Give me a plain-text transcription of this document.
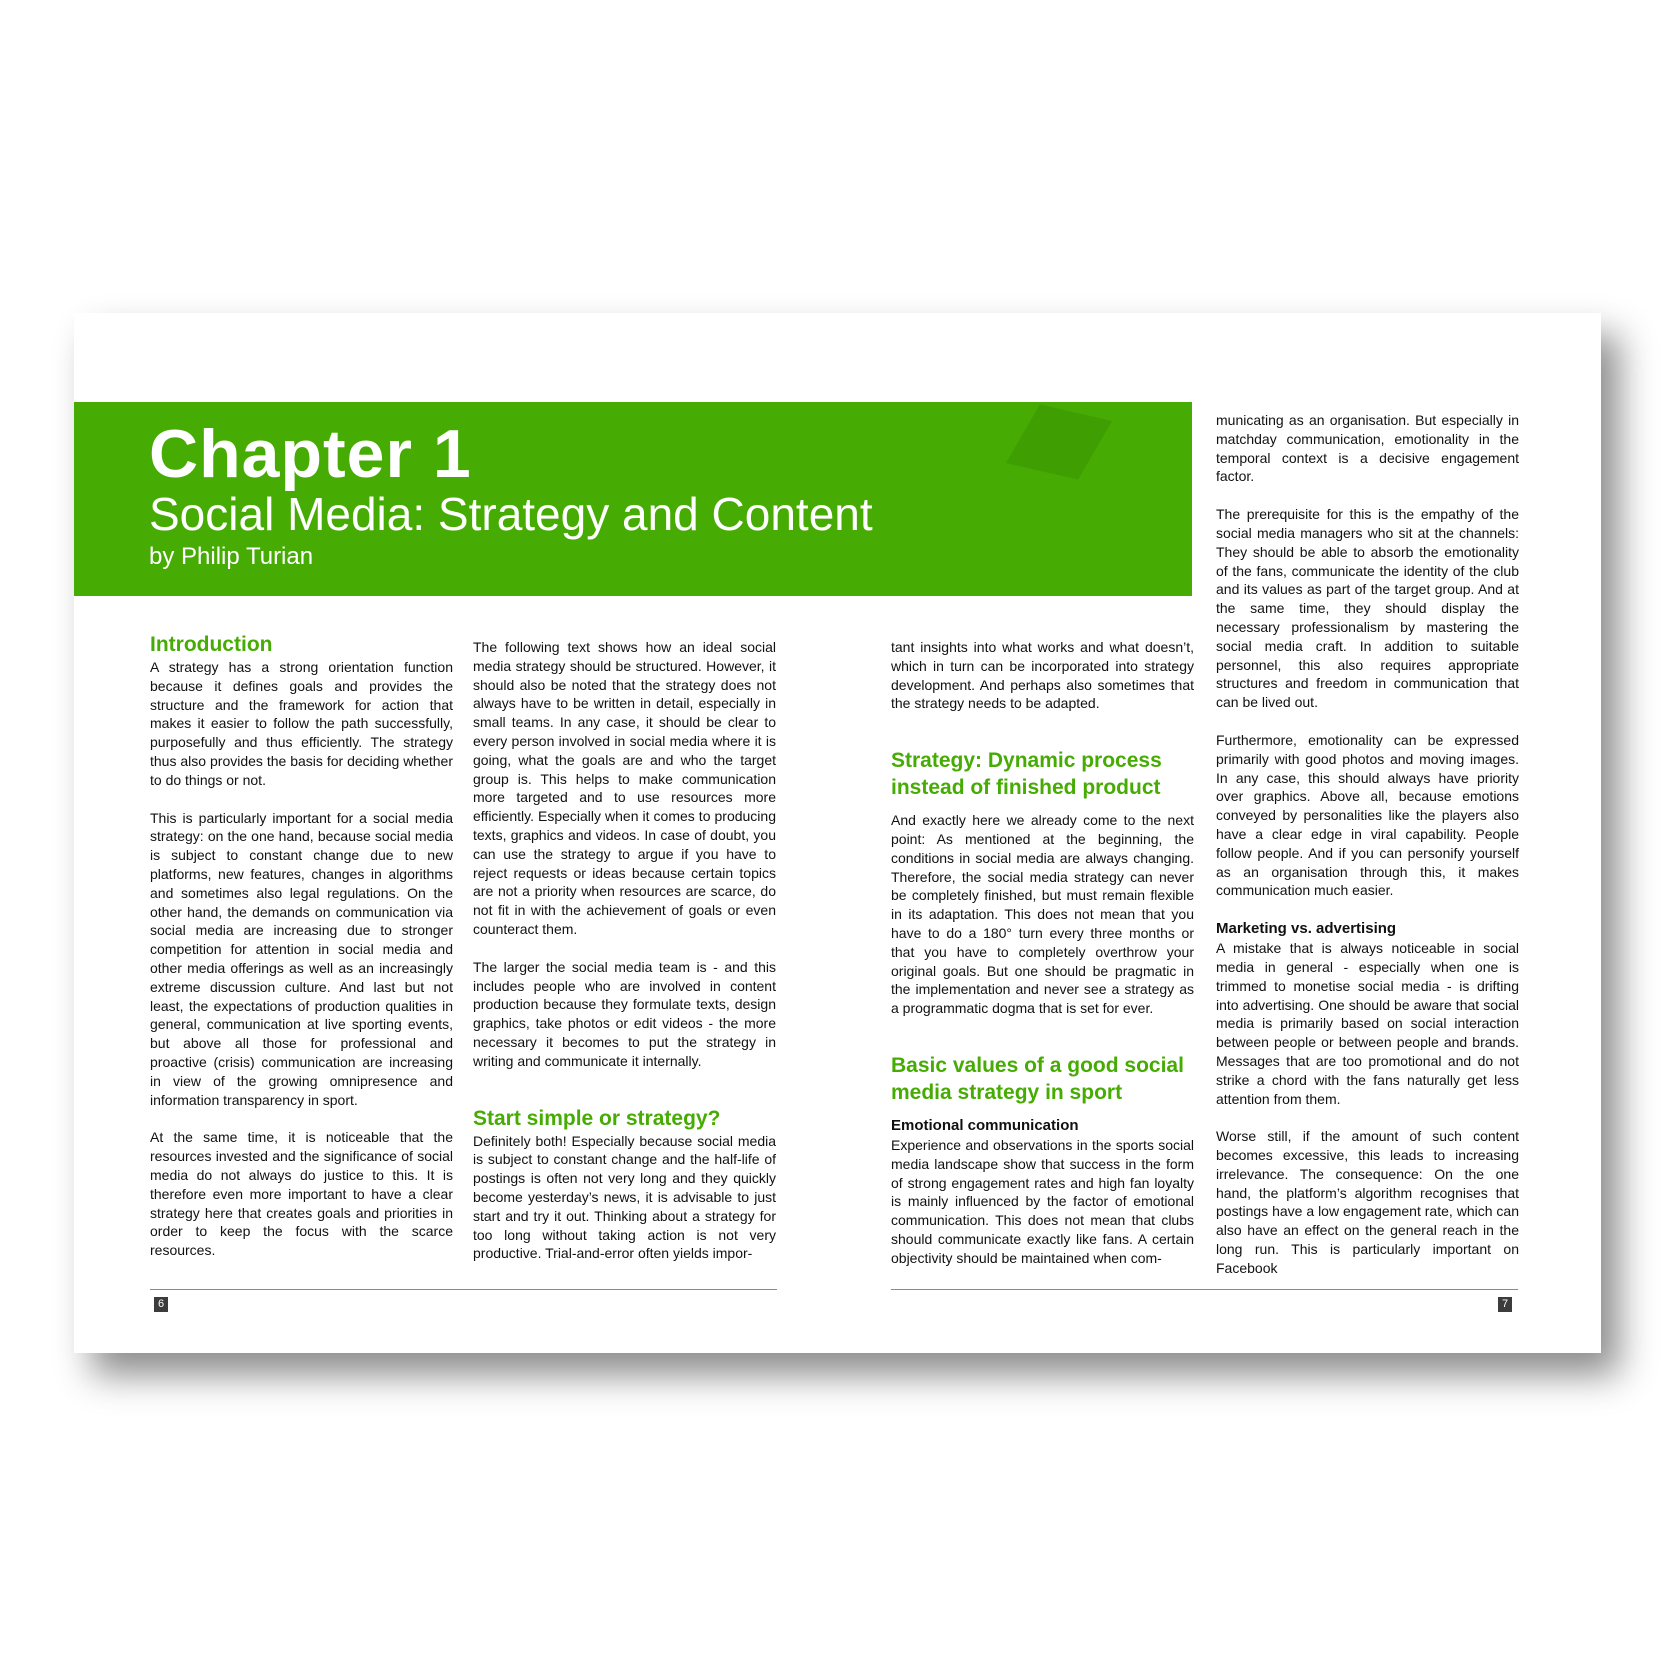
Chapter 1
Social Media: Strategy and Content
by Philip Turian
Introduction

A strategy has a strong orientation function because it defines goals and provides the structure and the framework for action that makes it easier to follow the path successfully, purposefully and thus efficiently. The strategy thus also provides the basis for deciding whether to do things or not.

This is particularly important for a social media strategy: on the one hand, because social media is subject to constant change due to new platforms, new features, changes in algorithms and sometimes also legal regulations. On the other hand, the demands on communication via social media are increasing due to stronger competition for attention in social media and other media offerings as well as an increasingly extreme discussion culture. And last but not least, the expectations of production qualities in general, communication at live sporting events, but above all those for professional and proactive (crisis) communication are increasing in view of the growing omnipresence and information transparency in sport.

At the same time, it is noticeable that the resources invested and the significance of social media do not always do justice to this. It is therefore even more important to have a clear strategy here that creates goals and priorities in order to keep the focus with the scarce resources.

The following text shows how an ideal social media strategy should be structured. However, it should also be noted that the strategy does not always have to be written in detail, especially in small teams. In any case, it should be clear to every person involved in social media where it is going, what the goals are and who the target group is. This helps to make communication more targeted and to use resources more efficiently. Especially when it comes to producing texts, graphics and videos. In case of doubt, you can use the strategy to argue if you have to reject requests or ideas because certain topics are not a priority when resources are scarce, do not fit in with the achievement of goals or even counteract them.

The larger the social media team is - and this includes people who are involved in content production because they formulate texts, design graphics, take photos or edit videos - the more necessary it becomes to put the strategy in writing and communicate it internally.

Start simple or strategy?

Definitely both! Especially because social media is subject to constant change and the half-life of postings is often not very long and they quickly become yesterday’s news, it is advisable to just start and try it out. Thinking about a strategy for too long without taking action is not very productive. Trial-and-error often yields impor-

tant insights into what works and what doesn’t, which in turn can be incorporated into strategy development. And perhaps also sometimes that the strategy needs to be adapted.

Strategy: Dynamic process instead of finished product

And exactly here we already come to the next point: As mentioned at the beginning, the conditions in social media are always changing. Therefore, the social media strategy can never be completely finished, but must remain flexible in its adaptation. This does not mean that you have to do a 180° turn every three months or that you have to completely overthrow your original goals. But one should be pragmatic in the implementation and never see a strategy as a programmatic dogma that is set for ever.

Basic values of a good social media strategy in sport
Emotional communication

Experience and observations in the sports social media landscape show that success in the form of strong engagement rates and high fan loyalty is mainly influenced by the factor of emotional communication. This does not mean that clubs should communicate exactly like fans. A certain objectivity should be maintained when com-

municating as an organisation. But especially in matchday communication, emotionality in the temporal context is a decisive engagement factor.

The prerequisite for this is the empathy of the social media managers who sit at the channels: They should be able to absorb the emotionality of the fans, communicate the identity of the club and its values as part of the target group. And at the same time, they should display the necessary professionalism by mastering the social media craft. In addition to suitable personnel, this also requires appropriate structures and freedom in communication that can be lived out.

Furthermore, emotionality can be expressed primarily with good photos and moving images. In any case, this should always have priority over graphics. Above all, because emotions conveyed by personalities like the players also have a clear edge in viral capability. People follow people. And if you can personify yourself as an organisation through this, it makes communication much easier.

Marketing vs. advertising

A mistake that is always noticeable in social media in general - especially when one is trimmed to monetise social media - is drifting into advertising. One should be aware that social media is primarily based on social interaction between people or between people and brands. Messages that are too promotional and do not strike a chord with the fans naturally get less attention from them.

Worse still, if the amount of such content becomes excessive, this leads to increasing irrelevance. The consequence: On the one hand, the platform’s algorithm recognises that postings have a low engagement rate, which can also have an effect on the general reach in the long run. This is particularly important on Facebook

6	7
